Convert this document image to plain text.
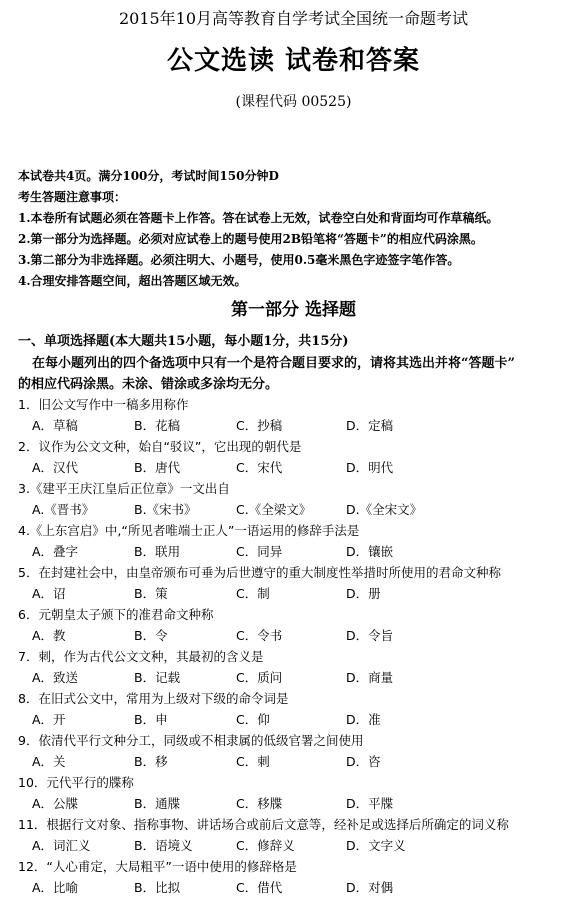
2015年10月高等教育自学考试全国统一命题考试
公文选读 试卷和答案
(课程代码 00525)
本试卷共4页。满分100分，考试时间150分钟D
考生答题注意事项：
1.本卷所有试题必须在答题卡上作答。答在试卷上无效，试卷空白处和背面均可作草稿纸。
2.第一部分为选择题。必须对应试卷上的题号使用2B铅笔将“答题卡”的相应代码涂黑。
3.第二部分为非选择题。必须注明大、小题号，使用0.5毫米黑色字迹签字笔作答。
4.合理安排答题空间，超出答题区域无效。
第一部分 选择题
一、单项选择题(本大题共15小题，每小题1分，共15分)
在每小题列出的四个备选项中只有一个是符合题目要求的，请将其选出并将“答题卡”
的相应代码涂黑。未涂、错涂或多涂均无分。
1．旧公文写作中一稿多用称作
A．草稿	B．花稿	C．抄稿	D．定稿
2．议作为公文文种，始自“驳议”，它出现的朝代是
A．汉代	B．唐代	C．宋代	D．明代
3.《建平王庆江皇后正位章》一文出自
A.《晋书》	B.《宋书》	C.《全梁文》	D.《全宋文》
4.《上东宫启》中,“所见者唯端士正人”一语运用的修辞手法是
A．叠字	B．联用	C．同异	D．镶嵌
5．在封建社会中，由皇帝颁布可垂为后世遵守的重大制度性举措时所使用的君命文种称
A．诏	B．策	C．制	D．册
6．元朝皇太子颁下的准君命文种称
A．教	B．令	C．令书	D．令旨
7．刺，作为古代公文文种，其最初的含义是
A．致送	B．记载	C．质问	D．商量
8．在旧式公文中，常用为上级对下级的命令词是
A．开	B．申	C．仰	D．准
9．依清代平行文种分工，同级或不相隶属的低级官署之间使用
A．关	B．移	C．刺	D．咨
10．元代平行的牒称
A．公牒	B．通牒	C．移牒	D．平牒
11．根据行文对象、指称事物、讲话场合或前后文意等，经补足或选择后所确定的词义称
A．词汇义	B．语境义	C．修辞义	D．文字义
12．“人心甫定，大局粗平”一语中使用的修辞格是
A．比喻	B．比拟	C．借代	D．对偶
